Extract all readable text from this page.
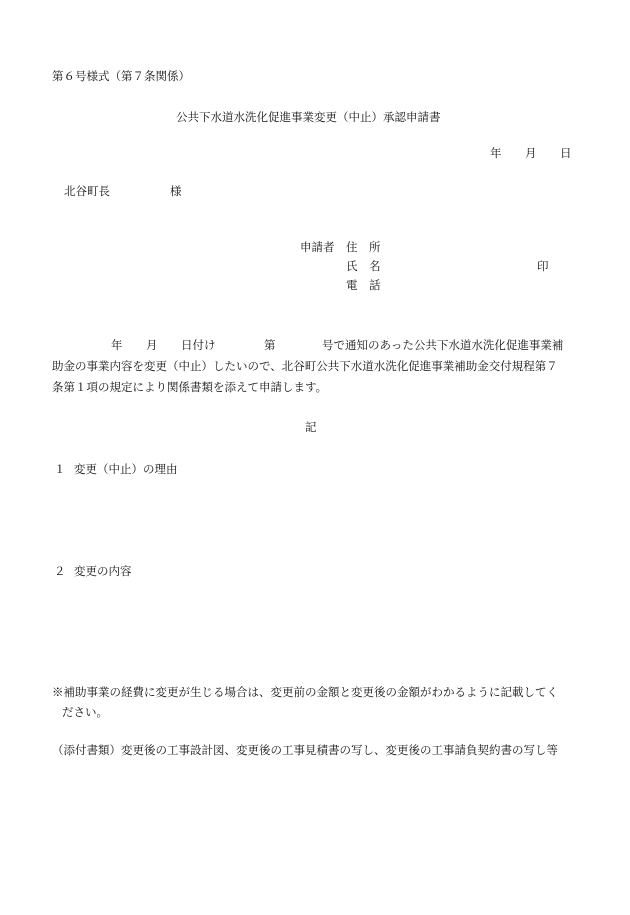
第６号様式（第７条関係）
公共下水道水洗化促進事業変更（中止）承認申請書
年 月 日
北谷町長	様
申請者 住　所
氏　名	印
電　話
年 月 日付け	第	号で通知のあった公共下水道水洗化促進事業補
助金の事業内容を変更（中止）したいので、北谷町公共下水道水洗化促進事業補助金交付規程第７
条第１項の規定により関係書類を添えて申請します。
記
１ 変更（中止）の理由
２ 変更の内容
※補助事業の経費に変更が生じる場合は、変更前の金額と変更後の金額がわかるように記載してく
ださい。
（添付書類）変更後の工事設計図、変更後の工事見積書の写し、変更後の工事請負契約書の写し等
